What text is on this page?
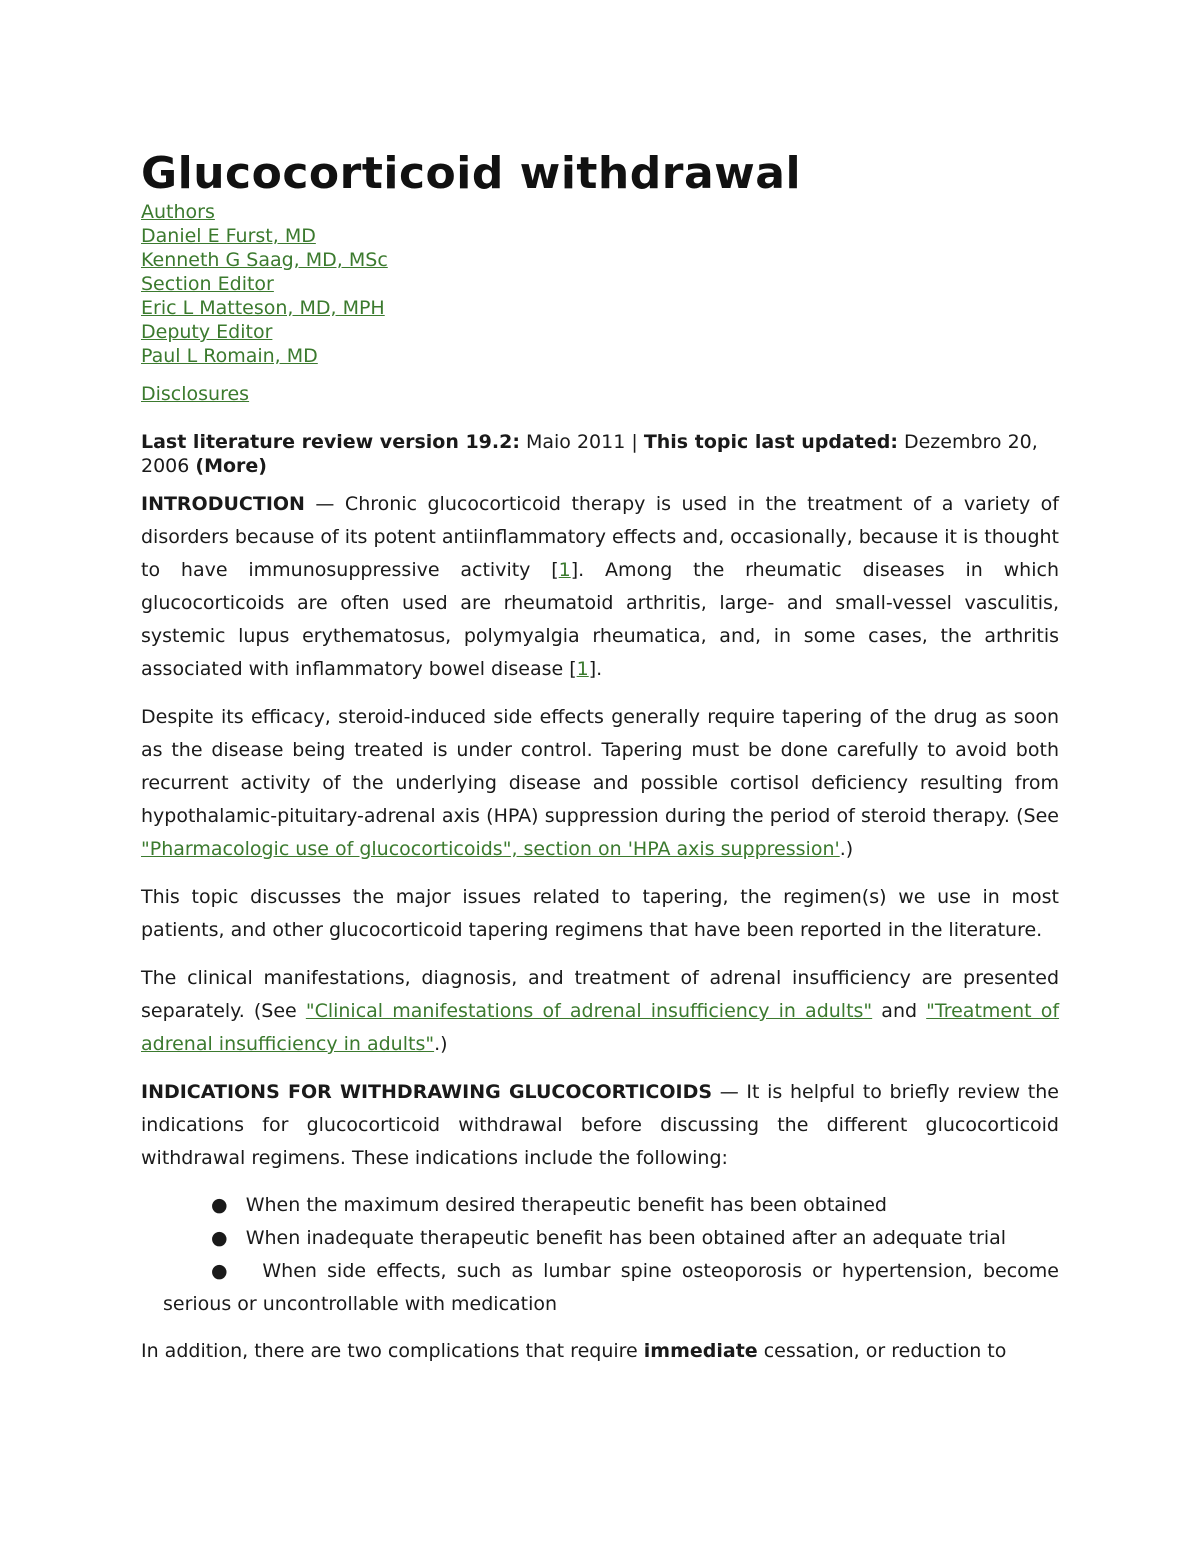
Glucocorticoid withdrawal
Authors
Daniel E Furst, MD
Kenneth G Saag, MD, MSc
Section Editor
Eric L Matteson, MD, MPH
Deputy Editor
Paul L Romain, MD
Disclosures
Last literature review version 19.2: Maio 2011 | This topic last updated: Dezembro 20, 2006 (More)

INTRODUCTION — Chronic glucocorticoid therapy is used in the treatment of a variety of disorders because of its potent antiinflammatory effects and, occasionally, because it is thought to have immunosuppressive activity [1]. Among the rheumatic diseases in which glucocorticoids are often used are rheumatoid arthritis, large- and small-vessel vasculitis, systemic lupus erythematosus, polymyalgia rheumatica, and, in some cases, the arthritis associated with inflammatory bowel disease [1].

Despite its efficacy, steroid-induced side effects generally require tapering of the drug as soon as the disease being treated is under control. Tapering must be done carefully to avoid both recurrent activity of the underlying disease and possible cortisol deficiency resulting from hypothalamic-pituitary-adrenal axis (HPA) suppression during the period of steroid therapy. (See "Pharmacologic use of glucocorticoids", section on 'HPA axis suppression'.)

This topic discusses the major issues related to tapering, the regimen(s) we use in most patients, and other glucocorticoid tapering regimens that have been reported in the literature.

The clinical manifestations, diagnosis, and treatment of adrenal insufficiency are presented separately. (See "Clinical manifestations of adrenal insufficiency in adults" and "Treatment of adrenal insufficiency in adults".)

INDICATIONS FOR WITHDRAWING GLUCOCORTICOIDS — It is helpful to briefly review the indications for glucocorticoid withdrawal before discussing the different glucocorticoid withdrawal regimens. These indications include the following:

● When the maximum desired therapeutic benefit has been obtained
● When inadequate therapeutic benefit has been obtained after an adequate trial
● When side effects, such as lumbar spine osteoporosis or hypertension, become serious or uncontrollable with medication

In addition, there are two complications that require immediate cessation, or reduction to
